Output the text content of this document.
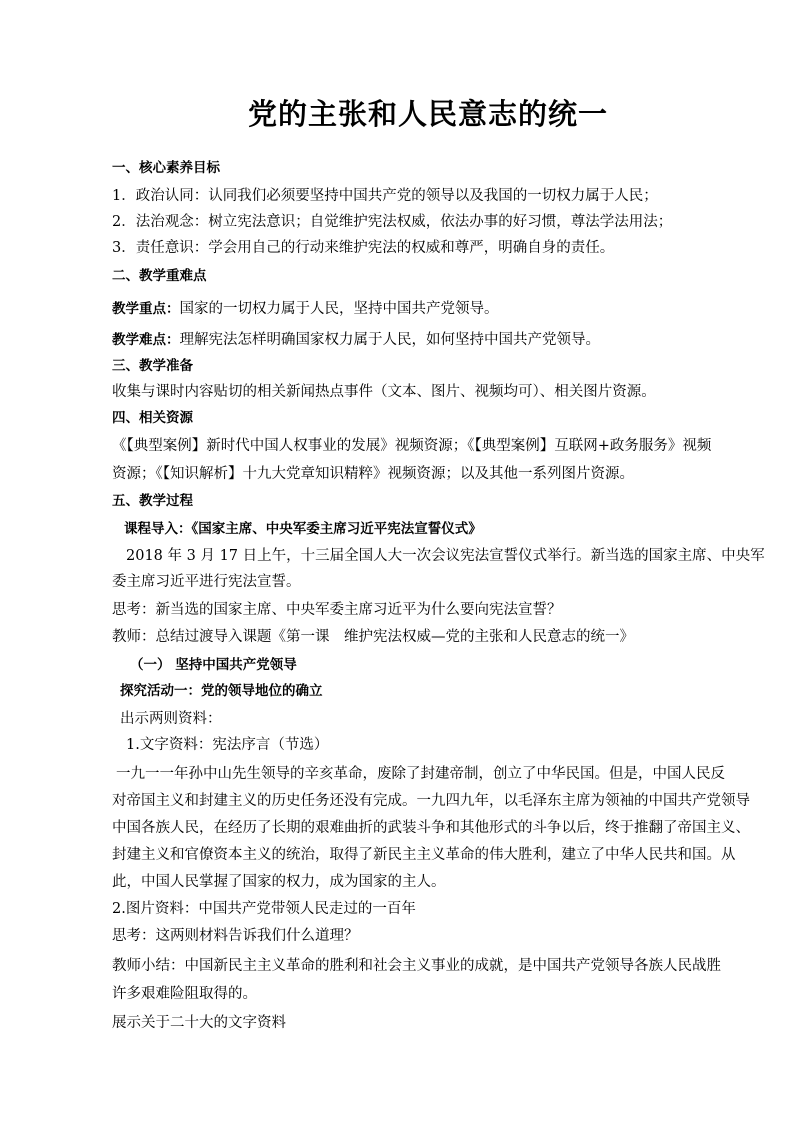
党的主张和人民意志的统一
一、核心素养目标
1．政治认同：认同我们必须要坚持中国共产党的领导以及我国的一切权力属于人民；
2．法治观念：树立宪法意识；自觉维护宪法权威，依法办事的好习惯，尊法学法用法；
3．责任意识：学会用自己的行动来维护宪法的权威和尊严，明确自身的责任。
二、教学重难点
教学重点：国家的一切权力属于人民，坚持中国共产党领导。
教学难点：理解宪法怎样明确国家权力属于人民，如何坚持中国共产党领导。
三、教学准备
收集与课时内容贴切的相关新闻热点事件（文本、图片、视频均可）、相关图片资源。
四、相关资源
《【典型案例】新时代中国人权事业的发展》视频资源；《【典型案例】互联网+政务服务》视频
资源；《【知识解析】十九大党章知识精粹》视频资源；以及其他一系列图片资源。
五、教学过程
课程导入：《国家主席、中央军委主席习近平宪法宣誓仪式》
2018 年 3 月 17 日上午，十三届全国人大一次会议宪法宣誓仪式举行。新当选的国家主席、中央军
委主席习近平进行宪法宣誓。
思考：新当选的国家主席、中央军委主席习近平为什么要向宪法宣誓？
教师：总结过渡导入课题《第一课　维护宪法权威—党的主张和人民意志的统一》
（一） 坚持中国共产党领导
探究活动一：党的领导地位的确立
出示两则资料：
1.文字资料：宪法序言（节选）
一九一一年孙中山先生领导的辛亥革命，废除了封建帝制，创立了中华民国。但是，中国人民反
对帝国主义和封建主义的历史任务还没有完成。一九四九年，以毛泽东主席为领袖的中国共产党领导
中国各族人民，在经历了长期的艰难曲折的武装斗争和其他形式的斗争以后，终于推翻了帝国主义、
封建主义和官僚资本主义的统治，取得了新民主主义革命的伟大胜利，建立了中华人民共和国。从
此，中国人民掌握了国家的权力，成为国家的主人。
2.图片资料：中国共产党带领人民走过的一百年
思考：这两则材料告诉我们什么道理？
教师小结：中国新民主主义革命的胜利和社会主义事业的成就，是中国共产党领导各族人民战胜
许多艰难险阻取得的。
展示关于二十大的文字资料
